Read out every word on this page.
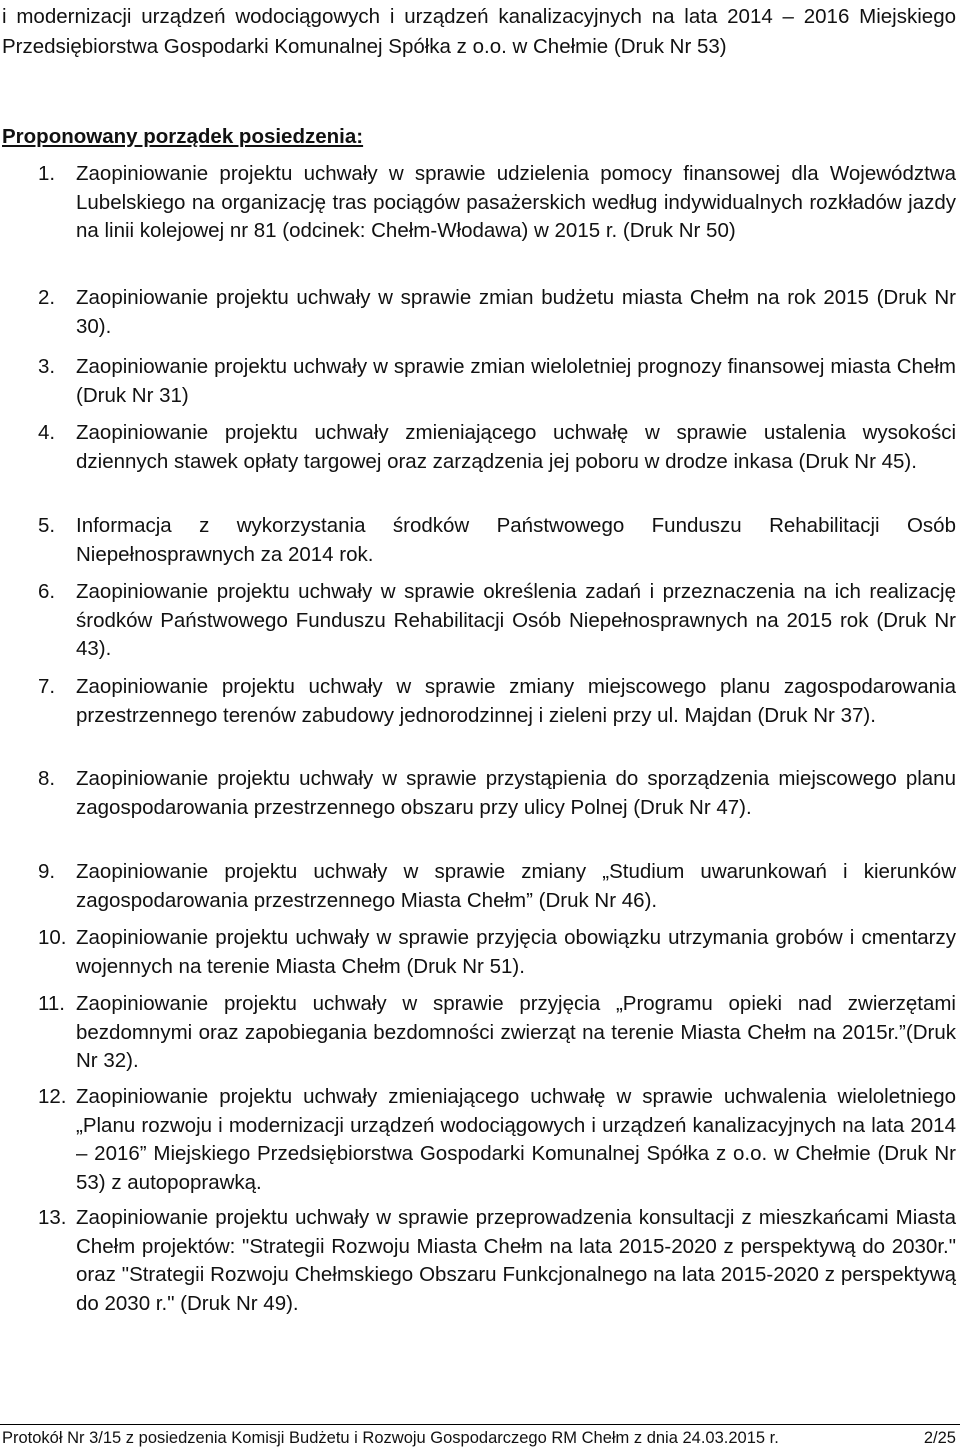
i modernizacji urządzeń wodociągowych i urządzeń kanalizacyjnych na lata 2014 – 2016 Miejskiego Przedsiębiorstwa Gospodarki Komunalnej Spółka z o.o. w Chełmie (Druk Nr 53)
Proponowany porządek posiedzenia:
1. Zaopiniowanie projektu uchwały w sprawie udzielenia pomocy finansowej dla Województwa Lubelskiego na organizację tras pociągów pasażerskich według indywidualnych rozkładów jazdy na linii kolejowej nr 81 (odcinek: Chełm-Włodawa) w 2015 r. (Druk Nr 50)
2. Zaopiniowanie projektu uchwały w sprawie zmian budżetu miasta Chełm na rok 2015 (Druk Nr 30).
3. Zaopiniowanie projektu uchwały w sprawie zmian wieloletniej prognozy finansowej miasta Chełm (Druk Nr 31)
4. Zaopiniowanie projektu uchwały zmieniającego uchwałę w sprawie ustalenia wysokości dziennych stawek opłaty targowej oraz zarządzenia jej poboru w drodze inkasa (Druk Nr 45).
5. Informacja z wykorzystania środków Państwowego Funduszu Rehabilitacji Osób Niepełnosprawnych za 2014 rok.
6. Zaopiniowanie projektu uchwały w sprawie określenia zadań i przeznaczenia na ich realizację środków Państwowego Funduszu Rehabilitacji Osób Niepełnosprawnych na 2015 rok (Druk Nr 43).
7. Zaopiniowanie projektu uchwały w sprawie zmiany miejscowego planu zagospodarowania przestrzennego terenów zabudowy jednorodzinnej i zieleni przy ul. Majdan (Druk Nr 37).
8. Zaopiniowanie projektu uchwały w sprawie przystąpienia do sporządzenia miejscowego planu zagospodarowania przestrzennego obszaru przy ulicy Polnej (Druk Nr 47).
9. Zaopiniowanie projektu uchwały w sprawie zmiany „Studium uwarunkowań i kierunków zagospodarowania przestrzennego Miasta Chełm” (Druk Nr 46).
10. Zaopiniowanie projektu uchwały w sprawie przyjęcia obowiązku utrzymania grobów i cmentarzy wojennych na terenie Miasta Chełm (Druk Nr 51).
11. Zaopiniowanie projektu uchwały w sprawie przyjęcia „Programu opieki nad zwierzętami bezdomnymi oraz zapobiegania bezdomności zwierząt na terenie Miasta Chełm na 2015r.”(Druk Nr 32).
12. Zaopiniowanie projektu uchwały zmieniającego uchwałę w sprawie uchwalenia wieloletniego „Planu rozwoju i modernizacji urządzeń wodociągowych i urządzeń kanalizacyjnych na lata 2014 – 2016” Miejskiego Przedsiębiorstwa Gospodarki Komunalnej Spółka z o.o. w Chełmie (Druk Nr 53) z autopoprawką.
13. Zaopiniowanie projektu uchwały w sprawie przeprowadzenia konsultacji z mieszkańcami Miasta Chełm projektów: "Strategii Rozwoju Miasta Chełm na lata 2015-2020 z perspektywą do 2030r." oraz "Strategii Rozwoju Chełmskiego Obszaru Funkcjonalnego na lata 2015-2020 z perspektywą do 2030 r." (Druk Nr 49).
Protokół Nr 3/15 z posiedzenia Komisji Budżetu i Rozwoju Gospodarczego RM Chełm z dnia 24.03.2015 r.	2/25
